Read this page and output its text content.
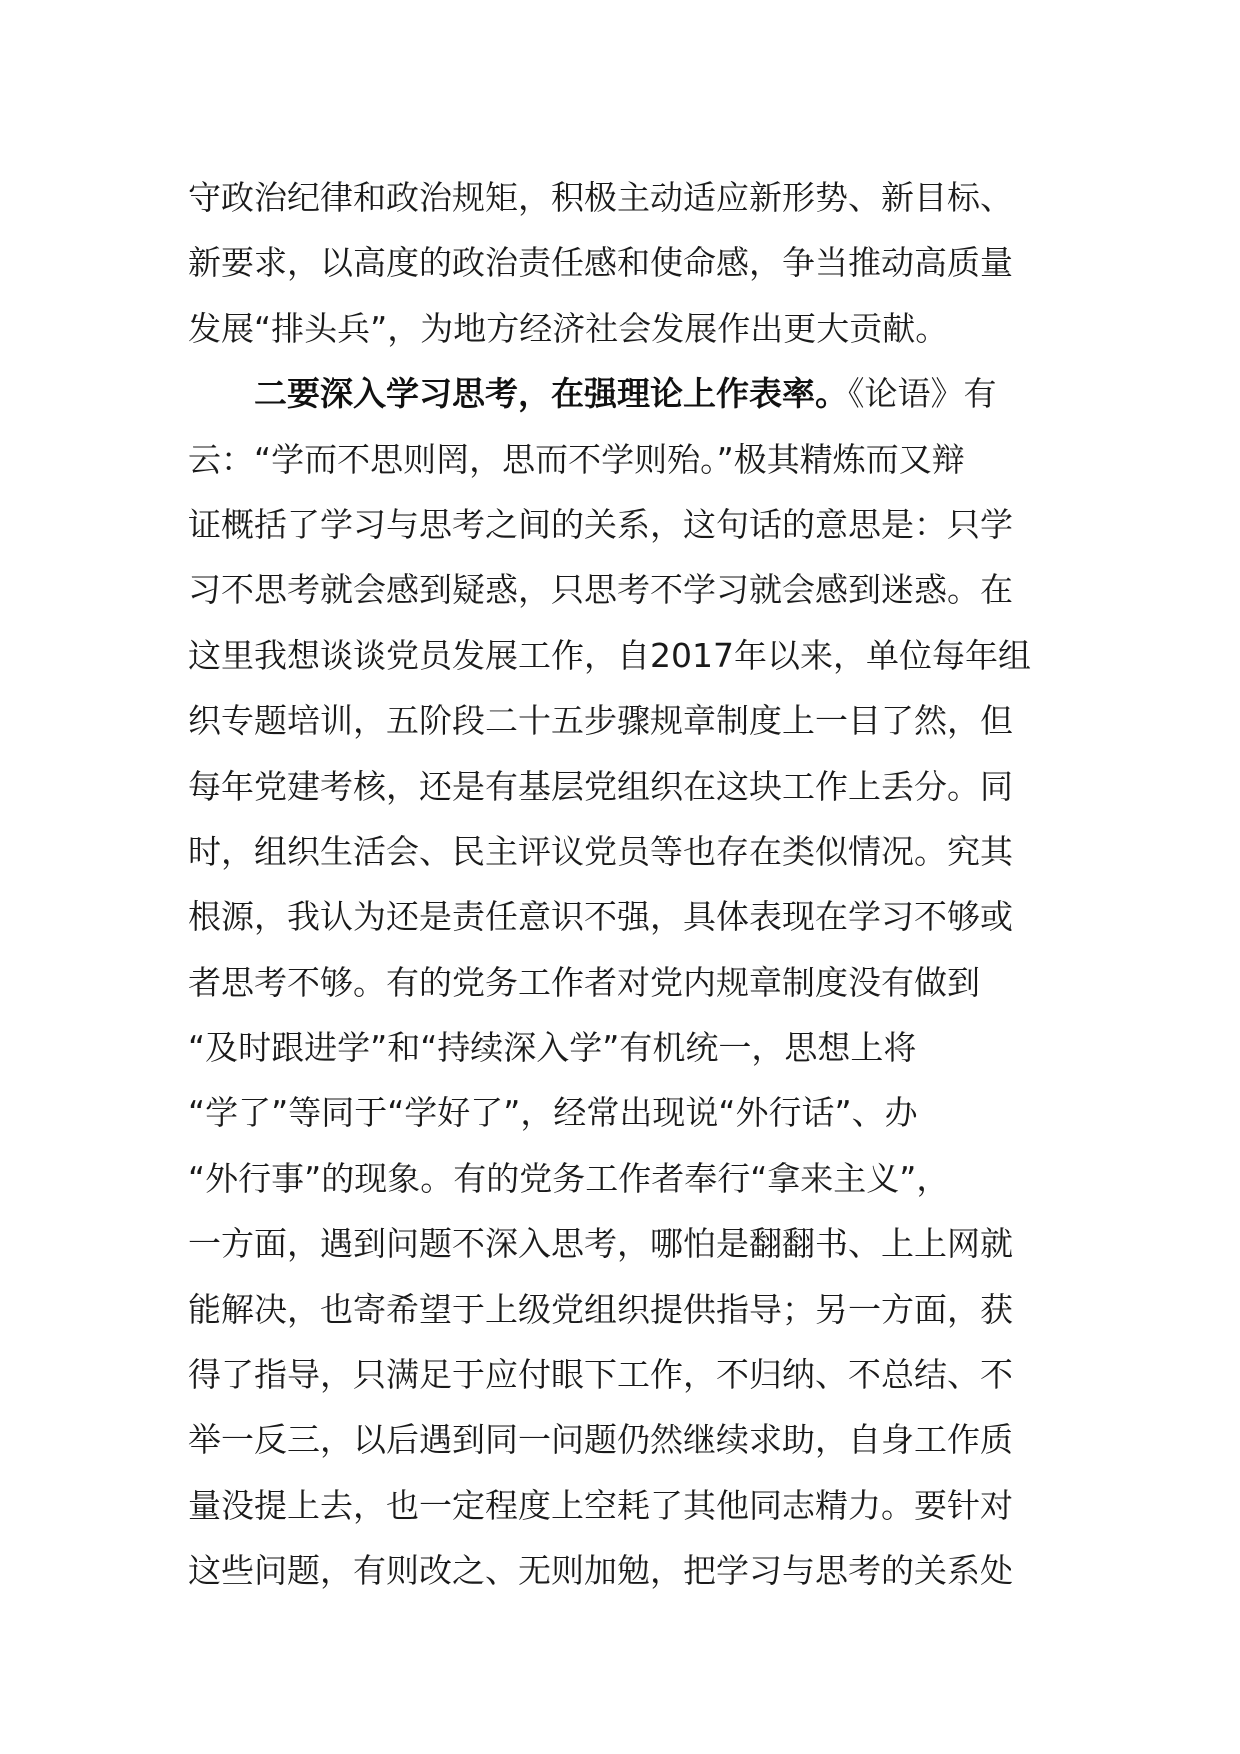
守政治纪律和政治规矩，积极主动适应新形势、新目标、
新要求，以高度的政治责任感和使命感，争当推动高质量
发展“排头兵”，为地方经济社会发展作出更大贡献。
二要深入学习思考，在强理论上作表率。《论语》有
云：“学而不思则罔，思而不学则殆。”极其精炼而又辩
证概括了学习与思考之间的关系，这句话的意思是：只学
习不思考就会感到疑惑，只思考不学习就会感到迷惑。在
这里我想谈谈党员发展工作，自2017年以来，单位每年组
织专题培训，五阶段二十五步骤规章制度上一目了然，但
每年党建考核，还是有基层党组织在这块工作上丢分。同
时，组织生活会、民主评议党员等也存在类似情况。究其
根源，我认为还是责任意识不强，具体表现在学习不够或
者思考不够。有的党务工作者对党内规章制度没有做到
“及时跟进学”和“持续深入学”有机统一，思想上将
“学了”等同于“学好了”，经常出现说“外行话”、办
“外行事”的现象。有的党务工作者奉行“拿来主义”，
一方面，遇到问题不深入思考，哪怕是翻翻书、上上网就
能解决，也寄希望于上级党组织提供指导；另一方面，获
得了指导，只满足于应付眼下工作，不归纳、不总结、不
举一反三，以后遇到同一问题仍然继续求助，自身工作质
量没提上去，也一定程度上空耗了其他同志精力。要针对
这些问题，有则改之、无则加勉，把学习与思考的关系处
